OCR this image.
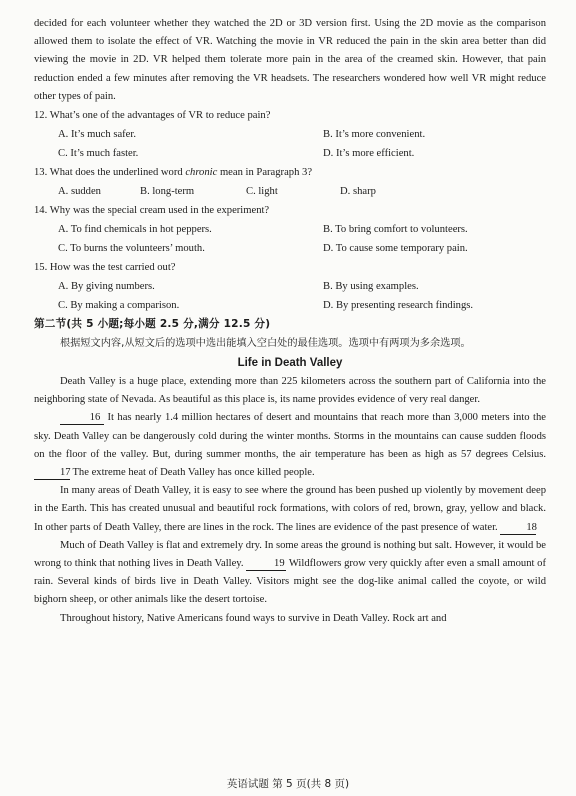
decided for each volunteer whether they watched the 2D or 3D version first. Using the 2D movie as the comparison allowed them to isolate the effect of VR. Watching the movie in VR reduced the pain in the skin area better than did viewing the movie in 2D. VR helped them tolerate more pain in the area of the creamed skin. However, that pain reduction ended a few minutes after removing the VR headsets. The researchers wondered how well VR might reduce other types of pain.

12. What’s one of the advantages of VR to reduce pain?

A. It’s much safer.	B. It’s more convenient.
C. It’s much faster.	D. It’s more efficient.

13. What does the underlined word chronic mean in Paragraph 3?

A. sudden	B. long-term	C. light	D. sharp

14. Why was the special cream used in the experiment?

A. To find chemicals in hot peppers.	B. To bring comfort to volunteers.
C. To burns the volunteers’ mouth.	D. To cause some temporary pain.

15. How was the test carried out?

A. By giving numbers.	B. By using examples.
C. By making a comparison.	D. By presenting research findings.

第二节(共 5 小题;每小题 2.5 分,满分 12.5 分)

根据短文内容,从短文后的选项中选出能填入空白处的最佳选项。选项中有两项为多余选项。

Life in Death Valley

Death Valley is a huge place, extending more than 225 kilometers across the southern part of California into the neighboring state of Nevada. As beautiful as this place is, its name provides evidence of very real danger.

16 It has nearly 1.4 million hectares of desert and mountains that reach more than 3,000 meters into the sky. Death Valley can be dangerously cold during the winter months. Storms in the mountains can cause sudden floods on the floor of the valley. But, during summer months, the air temperature has been as high as 57 degrees Celsius. 17 The extreme heat of Death Valley has once killed people.

In many areas of Death Valley, it is easy to see where the ground has been pushed up violently by movement deep in the Earth. This has created unusual and beautiful rock formations, with colors of red, brown, gray, yellow and black. In other parts of Death Valley, there are lines in the rock. The lines are evidence of the past presence of water. 18

Much of Death Valley is flat and extremely dry. In some areas the ground is nothing but salt. However, it would be wrong to think that nothing lives in Death Valley.	19 Wildflowers grow very quickly after even a small amount of rain. Several kinds of birds live in Death Valley. Visitors might see the dog-like animal called the coyote, or wild bighorn sheep, or other animals like the desert tortoise.

Throughout history, Native Americans found ways to survive in Death Valley. Rock art and

英语试题 第 5 页(共 8 页)
